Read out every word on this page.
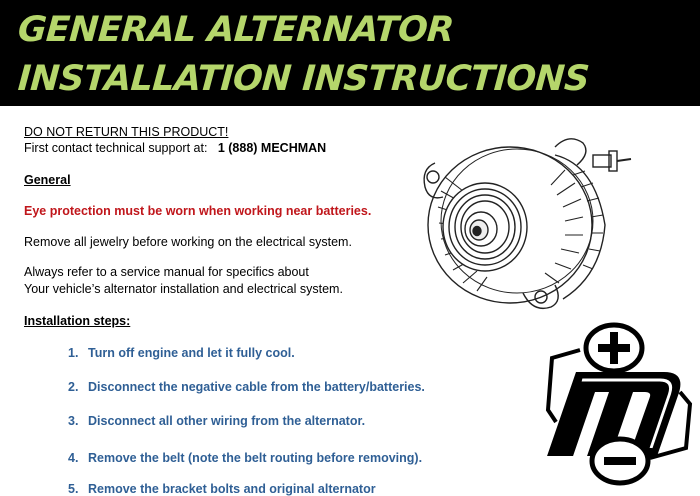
GENERAL ALTERNATOR
INSTALLATION INSTRUCTIONS
DO NOT RETURN THIS PRODUCT!
First contact technical support at: 1 (888) MECHMAN
General
Eye protection must be worn when working near batteries.
Remove all jewelry before working on the electrical system.
Always refer to a service manual for specifics about
Your vehicle’s alternator installation and electrical system.
Installation steps:
1. Turn off engine and let it fully cool.
2. Disconnect the negative cable from the battery/batteries.
3. Disconnect all other wiring from the alternator.
4. Remove the belt (note the belt routing before removing).
5. Remove the bracket bolts and original alternator
